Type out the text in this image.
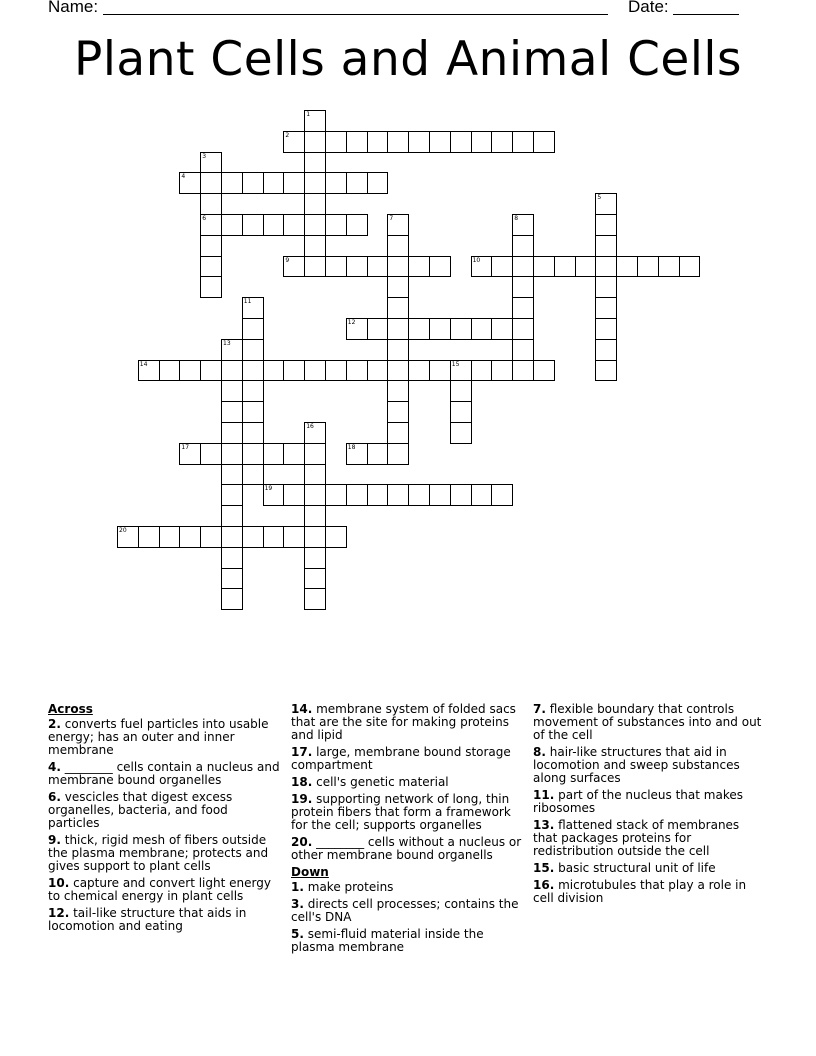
Name:	Date:
Plant Cells and Animal Cells
1
2
3
6
4
5
7	8
9	10
11
12
13
14	15
16
17	18
19
20
Across
2. converts fuel particles into usable energy; has an outer and inner membrane
4. ________ cells contain a nucleus and membrane bound organelles
6. vescicles that digest excess organelles, bacteria, and food particles
9. thick, rigid mesh of fibers outside the plasma membrane; protects and gives support to plant cells
10. capture and convert light energy to chemical energy in plant cells
12. tail-like structure that aids in locomotion and eating
14. membrane system of folded sacs that are the site for making proteins and lipid
17. large, membrane bound storage compartment
18. cell's genetic material
19. supporting network of long, thin protein fibers that form a framework for the cell; supports organelles
20. ________ cells without a nucleus or other membrane bound organells
Down
1. make proteins
3. directs cell processes; contains the cell's DNA
5. semi-fluid material inside the plasma membrane
7. flexible boundary that controls movement of substances into and out of the cell
8. hair-like structures that aid in locomotion and sweep substances along surfaces
11. part of the nucleus that makes ribosomes
13. flattened stack of membranes that packages proteins for redistribution outside the cell
15. basic structural unit of life
16. microtubules that play a role in cell division
